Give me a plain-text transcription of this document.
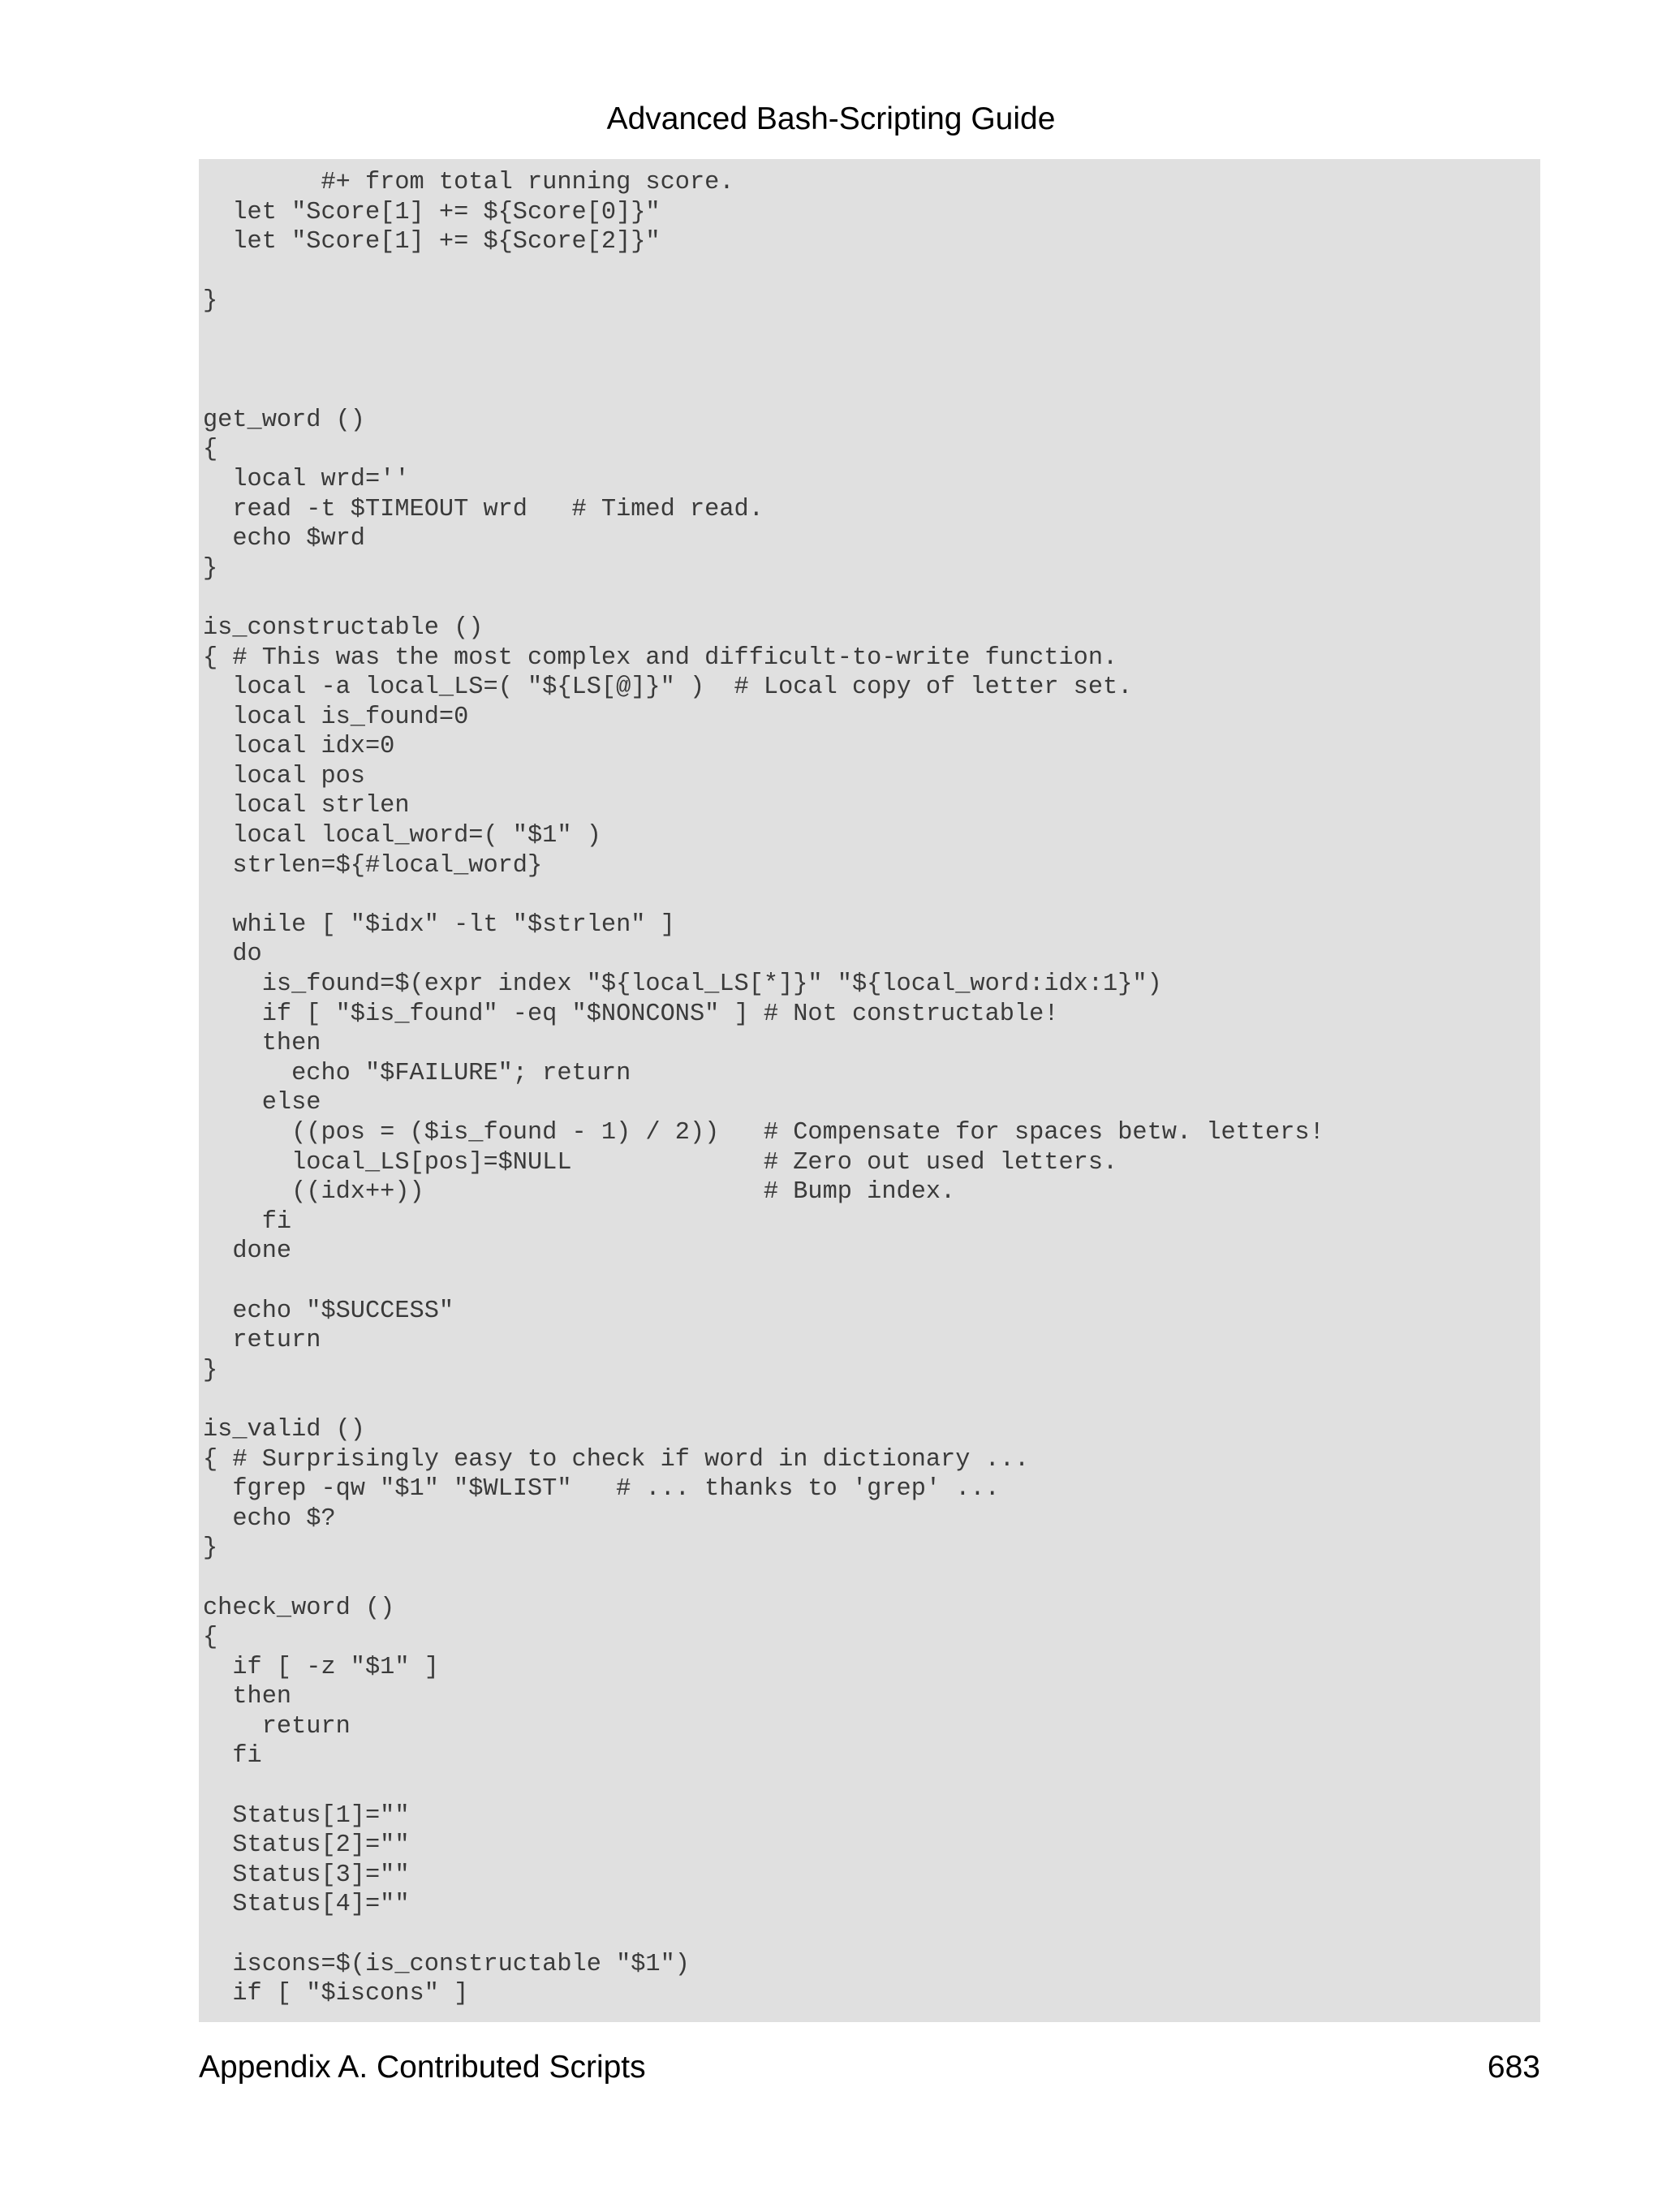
Advanced Bash-Scripting Guide
#+ from total running score.
let "Score[1] += ${Score[0]}"
let "Score[1] += ${Score[2]}"
}
get_word ()
{
local wrd=''
read -t $TIMEOUT wrd   # Timed read.
echo $wrd
}
is_constructable ()
{ # This was the most complex and difficult-to-write function.
local -a local_LS=( "${LS[@]}" )  # Local copy of letter set.
local is_found=0
local idx=0
local pos
local strlen
local local_word=( "$1" )
strlen=${#local_word}
while [ "$idx" -lt "$strlen" ]
do
is_found=$(expr index "${local_LS[*]}" "${local_word:idx:1}")
if [ "$is_found" -eq "$NONCONS" ] # Not constructable!
then
echo "$FAILURE"; return
else
((pos = ($is_found - 1) / 2))   # Compensate for spaces betw. letters!
local_LS[pos]=$NULL             # Zero out used letters.
((idx++))                       # Bump index.
fi
done
echo "$SUCCESS"
return
}
is_valid ()
{ # Surprisingly easy to check if word in dictionary ...
fgrep -qw "$1" "$WLIST"   # ... thanks to 'grep' ...
echo $?
}
check_word ()
{
if [ -z "$1" ]
then
return
fi
Status[1]=""
Status[2]=""
Status[3]=""
Status[4]=""
iscons=$(is_constructable "$1")
if [ "$iscons" ]
Appendix A. Contributed Scripts	683
